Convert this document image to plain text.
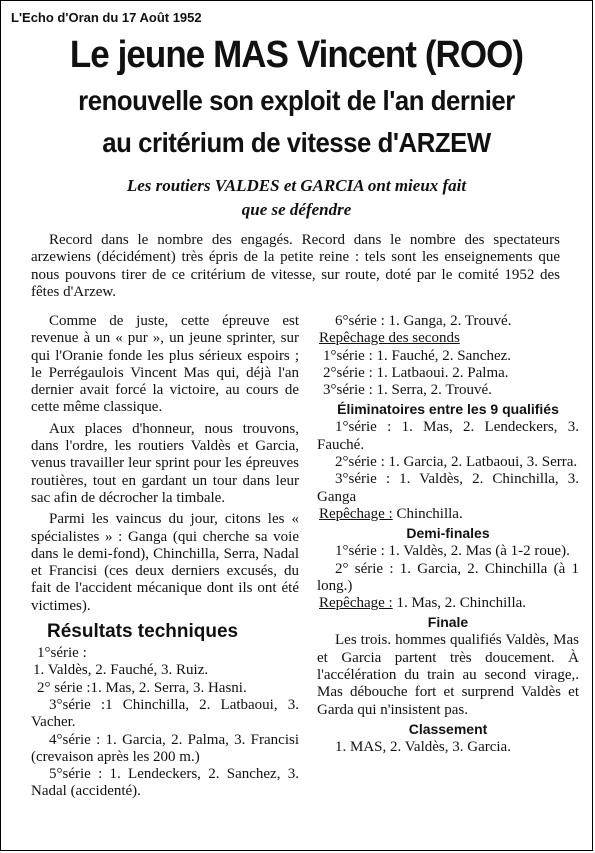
L'Echo d'Oran du 17 Août 1952
Le jeune MAS Vincent (ROO)
renouvelle son exploit de l'an dernier
au critérium de vitesse d'ARZEW
Les routiers VALDES et GARCIA ont mieux fait
que se défendre
Record dans le nombre des engagés. Record dans le nombre des spectateurs arzewiens (décidément) très épris de la petite reine : tels sont les enseignements que nous pouvons tirer de ce critérium de vitesse, sur route, doté par le comité 1952 des fêtes d'Arzew.

Comme de juste, cette épreuve est revenue à un « pur », un jeune sprinter, sur qui l'Oranie fonde les plus sérieux espoirs ; le Perrégaulois Vincent Mas qui, déjà l'an dernier avait forcé la victoire, au cours de cette même classique.

Aux places d'honneur, nous trouvons, dans l'ordre, les routiers Valdès et Garcia, venus travailler leur sprint pour les épreuves routières, tout en gardant un tour dans leur sac afin de décrocher la timbale.

Parmi les vaincus du jour, citons les « spécialistes » : Ganga (qui cherche sa voie dans le demi-fond), Chinchilla, Serra, Nadal et Francisi (ces deux derniers excusés, du fait de l'accident mécanique dont ils ont été victimes).

Résultats techniques

1°série :

1. Valdès, 2. Fauché, 3. Ruiz.

2° série :1. Mas, 2. Serra, 3. Hasni.

3°série :1 Chinchilla, 2. Latbaoui, 3. Vacher.

4°série : 1. Garcia, 2. Palma, 3. Francisi (crevaison après les 200 m.)

5°série : 1. Lendeckers, 2. Sanchez, 3. Nadal (accidenté).

6°série : 1. Ganga, 2. Trouvé.

Repêchage des seconds

1°série : 1. Fauché, 2. Sanchez.

2°série : 1. Latbaoui. 2. Palma.

3°série : 1. Serra, 2. Trouvé.

Éliminatoires entre les 9 qualifiés

1°série : 1. Mas, 2. Lendeckers, 3. Fauché.

2°série : 1. Garcia, 2. Latbaoui, 3. Serra.

3°série : 1. Valdès, 2. Chinchilla, 3. Ganga

Repêchage : Chinchilla.

Demi-finales

1°série : 1. Valdès, 2. Mas (à 1-2 roue).

2° série : 1. Garcia, 2. Chinchilla (à 1 long.)

Repêchage : 1. Mas, 2. Chinchilla.

Finale

Les trois. hommes qualifiés Valdès, Mas et Garcia partent très doucement. À l'accélération du train au second virage,. Mas débouche fort et surprend Valdès et Garda qui n'insistent pas.

Classement

1. MAS, 2. Valdès, 3. Garcia.
